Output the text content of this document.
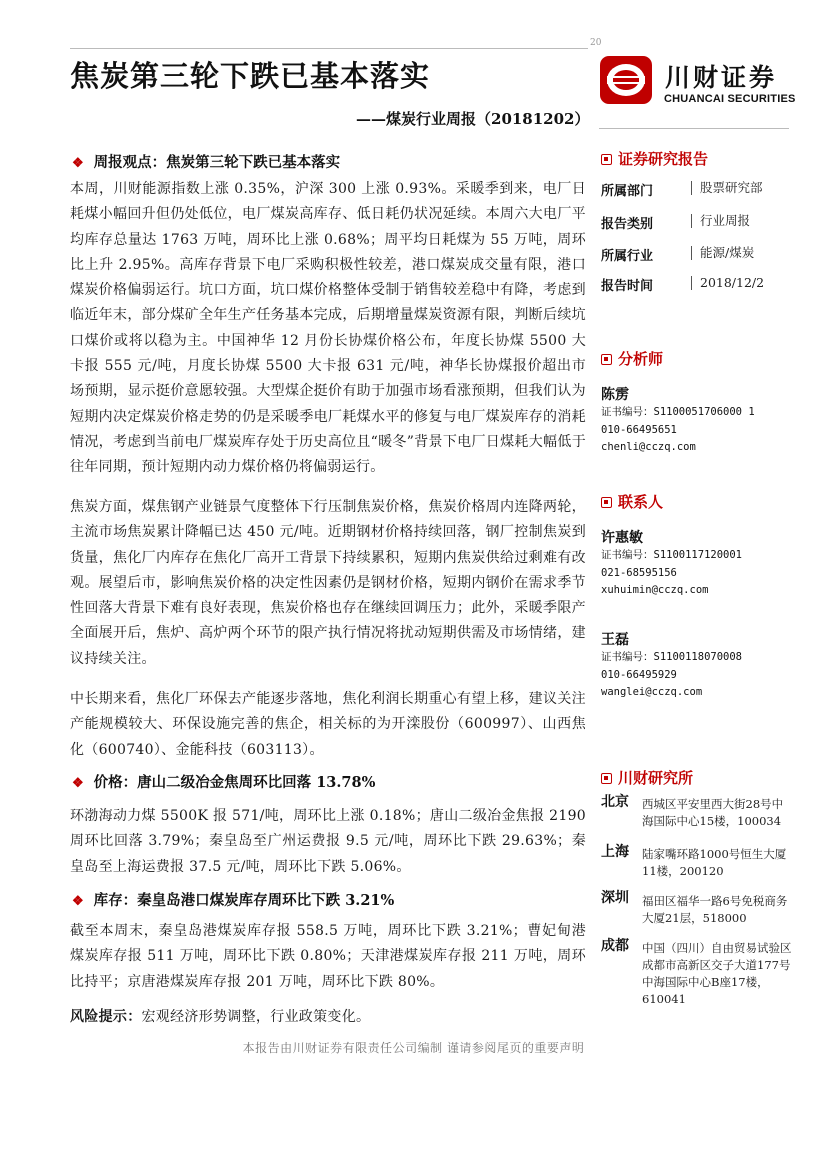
20
焦炭第三轮下跌已基本落实
——煤炭行业周报（20181202）
川财证券
CHUANCAI SECURITIES
❖ 周报观点：焦炭第三轮下跌已基本落实
本周，川财能源指数上涨 0.35%，沪深 300 上涨 0.93%。采暖季到来，电厂日耗煤小幅回升但仍处低位，电厂煤炭高库存、低日耗仍状况延续。本周六大电厂平均库存总量达 1763 万吨，周环比上涨 0.68%；周平均日耗煤为 55 万吨，周环比上升 2.95%。高库存背景下电厂采购积极性较差，港口煤炭成交量有限，港口煤炭价格偏弱运行。坑口方面，坑口煤价格整体受制于销售较差稳中有降，考虑到临近年末，部分煤矿全年生产任务基本完成，后期增量煤炭资源有限，判断后续坑口煤价或将以稳为主。中国神华 12 月份长协煤价格公布，年度长协煤 5500 大卡报 555 元/吨，月度长协煤 5500 大卡报 631 元/吨，神华长协煤报价超出市场预期，显示挺价意愿较强。大型煤企挺价有助于加强市场看涨预期，但我们认为短期内决定煤炭价格走势的仍是采暖季电厂耗煤水平的修复与电厂煤炭库存的消耗情况，考虑到当前电厂煤炭库存处于历史高位且“暖冬”背景下电厂日煤耗大幅低于往年同期，预计短期内动力煤价格仍将偏弱运行。
焦炭方面，煤焦钢产业链景气度整体下行压制焦炭价格，焦炭价格周内连降两轮，主流市场焦炭累计降幅已达 450 元/吨。近期钢材价格持续回落，钢厂控制焦炭到货量，焦化厂内库存在焦化厂高开工背景下持续累积，短期内焦炭供给过剩难有改观。展望后市，影响焦炭价格的决定性因素仍是钢材价格，短期内钢价在需求季节性回落大背景下难有良好表现，焦炭价格也存在继续回调压力；此外，采暖季限产全面展开后，焦炉、高炉两个环节的限产执行情况将扰动短期供需及市场情绪，建议持续关注。
中长期来看，焦化厂环保去产能逐步落地，焦化利润长期重心有望上移，建议关注产能规模较大、环保设施完善的焦企，相关标的为开滦股份（600997）、山西焦化（600740）、金能科技（603113）。
❖ 价格：唐山二级冶金焦周环比回落 13.78%
环渤海动力煤 5500K 报 571/吨，周环比上涨 0.18%；唐山二级冶金焦报 2190 周环比回落 3.79%；秦皇岛至广州运费报 9.5 元/吨，周环比下跌 29.63%；秦皇岛至上海运费报 37.5 元/吨，周环比下跌 5.06%。
❖ 库存：秦皇岛港口煤炭库存周环比下跌 3.21%
截至本周末，秦皇岛港煤炭库存报 558.5 万吨，周环比下跌 3.21%；曹妃甸港煤炭库存报 511 万吨，周环比下跌 0.80%；天津港煤炭库存报 211 万吨，周环比持平；京唐港煤炭库存报 201 万吨，周环比下跌 80%。
风险提示：宏观经济形势调整，行业政策变化。
证券研究报告
所属部门	股票研究部
报告类别	行业周报
所属行业	能源/煤炭
报告时间	2018/12/2
分析师
陈雳
证书编号：S1100051706000 1
010-66495651
chenli@cczq.com
联系人
许惠敏
证书编号：S1100117120001
021-68595156
xuhuimin@cczq.com
王磊
证书编号：S1100118070008
010-66495929
wanglei@cczq.com
川财研究所
北京 西城区平安里西大街28号中海国际中心15楼，100034
上海 陆家嘴环路1000号恒生大厦11楼，200120
深圳 福田区福华一路6号免税商务大厦21层，518000
成都 中国（四川）自由贸易试验区成都市高新区交子大道177号中海国际中心B座17楼，610041
本报告由川财证券有限责任公司编制 谨请参阅尾页的重要声明
